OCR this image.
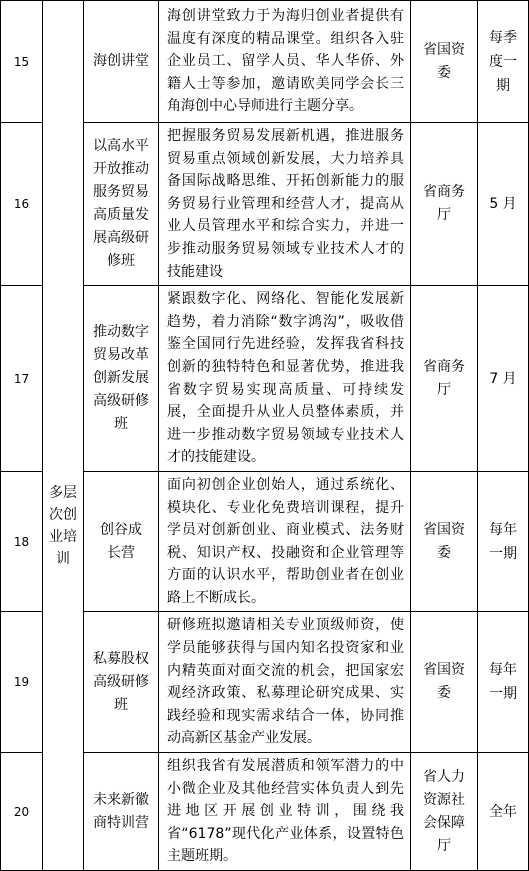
15	多层次创业培训	海创讲堂	海创讲堂致力于为海归创业者提供有温度有深度的精品课堂。组织各入驻企业员工、留学人员、华人华侨、外籍人士等参加，邀请欧美同学会长三角海创中心导师进行主题分享。	省国资委	每季度一期

16		以高水平开放推动服务贸易高质量发展高级研修班	把握服务贸易发展新机遇，推进服务贸易重点领域创新发展，大力培养具备国际战略思维、开拓创新能力的服务贸易行业管理和经营人才，提高从业人员管理水平和综合实力，并进一步推动服务贸易领域专业技术人才的技能建设	省商务厅	5 月
17		推动数字贸易改革创新发展高级研修班	紧跟数字化、网络化、智能化发展新趋势，着力消除“数字鸿沟”，吸收借鉴全国同行先进经验，发挥我省科技创新的独特特色和显著优势，推进我省数字贸易实现高质量、可持续发展，全面提升从业人员整体素质，并进一步推动数字贸易领域专业技术人才的技能建设。	省商务厅	7 月
18		创谷成长营	面向初创企业创始人，通过系统化、模块化、专业化免费培训课程，提升学员对创新创业、商业模式、法务财税、知识产权、投融资和企业管理等方面的认识水平，帮助创业者在创业路上不断成长。	省国资委	每年一期

19		私募股权高级研修班	研修班拟邀请相关专业顶级师资，使学员能够获得与国内知名投资家和业内精英面对面交流的机会，把国家宏观经济政策、私募理论研究成果、实践经验和现实需求结合一体，协同推动高新区基金产业发展。	省国资委	每年一期

20		未来新徽商特训营	组织我省有发展潜质和领军潜力的中小微企业及其他经营实体负责人到先进地区开展创业特训，围绕我省“6178”现代化产业体系，设置特色主题班期。	省人力资源社会保障厅	全年
